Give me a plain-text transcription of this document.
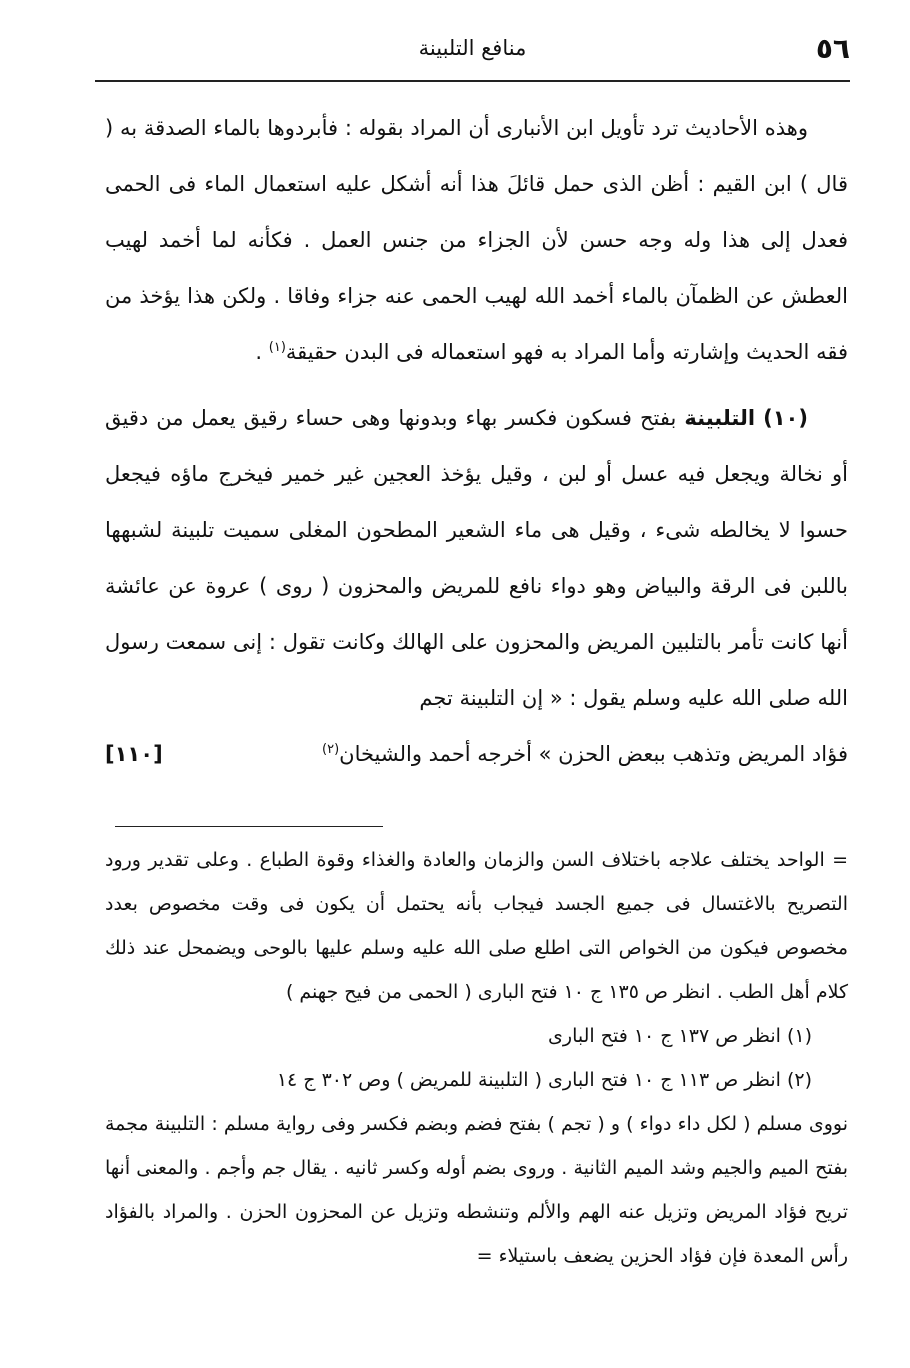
٥٦
منافع التلبينة

وهذه الأحاديث ترد تأويل ابن الأنبارى أن المراد بقوله : فأبردوها بالماء الصدقة به ( قال ) ابن القيم : أظن الذى حمل قائلَ هذا أنه أشكل عليه استعمال الماء فى الحمى فعدل إلى هذا وله وجه حسن لأن الجزاء من جنس العمل . فكأنه لما أخمد لهيب العطش عن الظمآن بالماء أخمد الله لهيب الحمى عنه جزاء وفاقا . ولكن هذا يؤخذ من فقه الحديث وإشارته وأما المراد به فهو استعماله فى البدن حقيقة$^{(١)}$ .

(١٠) التلبينة بفتح فسكون فكسر بهاء وبدونها وهى حساء رقيق يعمل من دقيق أو نخالة ويجعل فيه عسل أو لبن ، وقيل يؤخذ العجين غير خمير فيخرج ماؤه فيجعل حسوا لا يخالطه شىء ، وقيل هى ماء الشعير المطحون المغلى سميت تلبينة لشبهها باللبن فى الرقة والبياض وهو دواء نافع للمريض والمحزون ( روى ) عروة عن عائشة أنها كانت تأمر بالتلبين المريض والمحزون على الهالك وكانت تقول : إنى سمعت رسول الله صلى الله عليه وسلم يقول : « إن التلبينة تجم

فؤاد المريض وتذهب ببعض الحزن » أخرجه أحمد والشيخان$^{(٢)}$
[١١٠]

= الواحد يختلف علاجه باختلاف السن والزمان والعادة والغذاء وقوة الطباع . وعلى تقدير ورود التصريح بالاغتسال فى جميع الجسد فيجاب بأنه يحتمل أن يكون فى وقت مخصوص بعدد مخصوص فيكون من الخواص التى اطلع صلى الله عليه وسلم عليها بالوحى ويضمحل عند ذلك كلام أهل الطب . انظر ص ١٣٥ ج ١٠ فتح البارى ( الحمى من فيح جهنم )

(١) انظر ص ١٣٧ ج ١٠ فتح البارى

(٢) انظر ص ١١٣ ج ١٠ فتح البارى ( التلبينة للمريض ) وص ٣٠٢ ج ١٤

نووى مسلم ( لكل داء دواء ) و ( تجم ) بفتح فضم وبضم فكسر وفى رواية مسلم : التلبينة مجمة بفتح الميم والجيم وشد الميم الثانية . وروى بضم أوله وكسر ثانيه . يقال جم وأجم . والمعنى أنها تريح فؤاد المريض وتزيل عنه الهم والألم وتنشطه وتزيل عن المحزون الحزن . والمراد بالفؤاد رأس المعدة فإن فؤاد الحزين يضعف باستيلاء =
